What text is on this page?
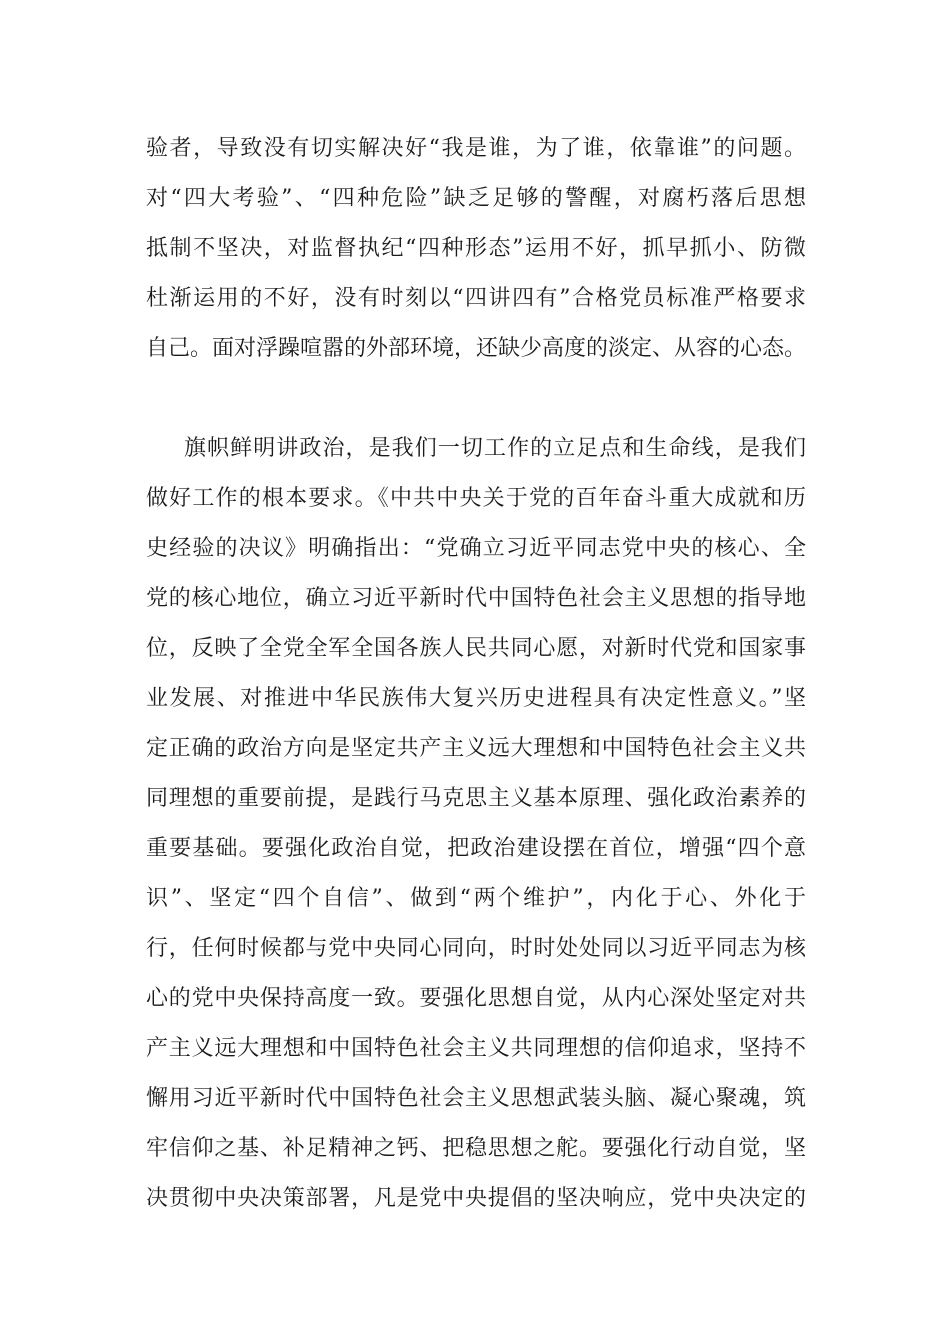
验者，导致没有切实解决好“我是谁，为了谁，依靠谁”的问题。
对“四大考验”、“四种危险”缺乏足够的警醒，对腐朽落后思想
抵制不坚决，对监督执纪“四种形态”运用不好，抓早抓小、防微
杜渐运用的不好，没有时刻以“四讲四有”合格党员标准严格要求
自己。面对浮躁喧嚣的外部环境，还缺少高度的淡定、从容的心态。
旗帜鲜明讲政治，是我们一切工作的立足点和生命线，是我们
做好工作的根本要求。《中共中央关于党的百年奋斗重大成就和历
史经验的决议》明确指出：“党确立习近平同志党中央的核心、全
党的核心地位，确立习近平新时代中国特色社会主义思想的指导地
位，反映了全党全军全国各族人民共同心愿，对新时代党和国家事
业发展、对推进中华民族伟大复兴历史进程具有决定性意义。”坚
定正确的政治方向是坚定共产主义远大理想和中国特色社会主义共
同理想的重要前提，是践行马克思主义基本原理、强化政治素养的
重要基础。要强化政治自觉，把政治建设摆在首位，增强“四个意
识”、坚定“四个自信”、做到“两个维护”，内化于心、外化于
行，任何时候都与党中央同心同向，时时处处同以习近平同志为核
心的党中央保持高度一致。要强化思想自觉，从内心深处坚定对共
产主义远大理想和中国特色社会主义共同理想的信仰追求，坚持不
懈用习近平新时代中国特色社会主义思想武装头脑、凝心聚魂，筑
牢信仰之基、补足精神之钙、把稳思想之舵。要强化行动自觉，坚
决贯彻中央决策部署，凡是党中央提倡的坚决响应，党中央决定的
